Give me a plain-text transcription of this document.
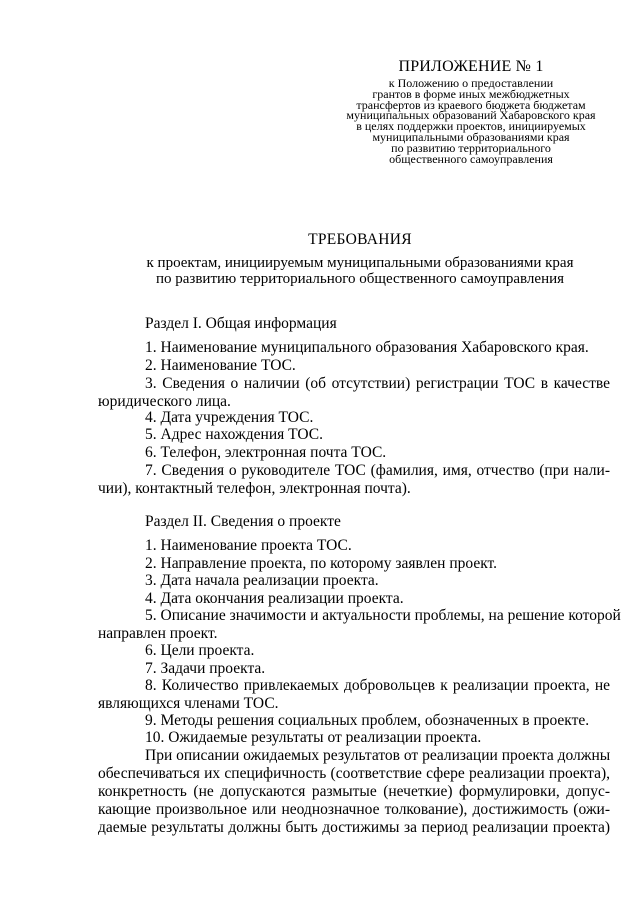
ПРИЛОЖЕНИЕ № 1
к Положению о предоставлении
грантов в форме иных межбюджетных
трансфертов из краевого бюджета бюджетам
муниципальных образований Хабаровского края
в целях поддержки проектов, инициируемых
муниципальными образованиями края
по развитию территориального
общественного самоуправления
ТРЕБОВАНИЯ
к проектам, инициируемым муниципальными образованиями края
по развитию территориального общественного самоуправления
Раздел I. Общая информация
1. Наименование муниципального образования Хабаровского края.
2. Наименование ТОС.
3. Сведения о наличии (об отсутствии) регистрации ТОС в качестве
юридического лица.
4. Дата учреждения ТОС.
5. Адрес нахождения ТОС.
6. Телефон, электронная почта ТОС.
7. Сведения о руководителе ТОС (фамилия, имя, отчество (при нали-
чии), контактный телефон, электронная почта).
Раздел II. Сведения о проекте
1. Наименование проекта ТОС.
2. Направление проекта, по которому заявлен проект.
3. Дата начала реализации проекта.
4. Дата окончания реализации проекта.
5. Описание значимости и актуальности проблемы, на решение которой
направлен проект.
6. Цели проекта.
7. Задачи проекта.
8. Количество привлекаемых добровольцев к реализации проекта, не
являющихся членами ТОС.
9. Методы решения социальных проблем, обозначенных в проекте.
10. Ожидаемые результаты от реализации проекта.
При описании ожидаемых результатов от реализации проекта должны
обеспечиваться их специфичность (соответствие сфере реализации проекта),
конкретность (не допускаются размытые (нечеткие) формулировки, допус-
кающие произвольное или неоднозначное толкование), достижимость (ожи-
даемые результаты должны быть достижимы за период реализации проекта)
